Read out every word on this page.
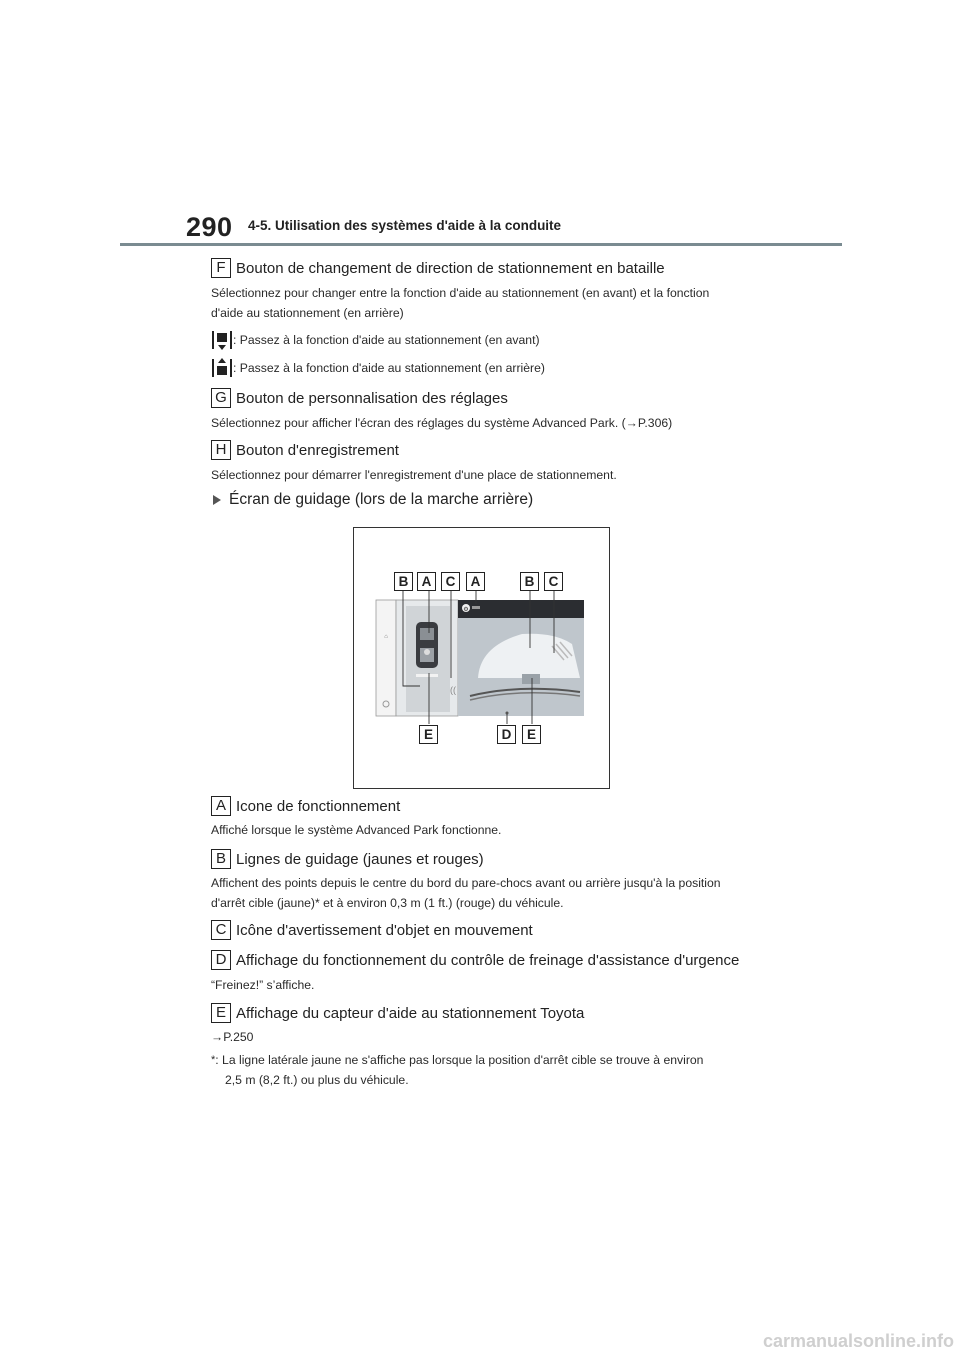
290 4-5. Utilisation des systèmes d'aide à la conduite
F Bouton de changement de direction de stationnement en bataille
Sélectionnez pour changer entre la fonction d'aide au stationnement (en avant) et la fonction
d'aide au stationnement (en arrière)
: Passez à la fonction d'aide au stationnement (en avant)
: Passez à la fonction d'aide au stationnement (en arrière)
G Bouton de personnalisation des réglages
Sélectionnez pour afficher l'écran des réglages du système Advanced Park. (→P.306)
H Bouton d'enregistrement
Sélectionnez pour démarrer l'enregistrement d'une place de stationnement.
Écran de guidage (lors de la marche arrière)
⌂
((
⚙
B A	C	A	B	C
E	D	E
A Icone de fonctionnement
Affiché lorsque le système Advanced Park fonctionne.
B Lignes de guidage (jaunes et rouges)
Affichent des points depuis le centre du bord du pare-chocs avant ou arrière jusqu'à la position
d'arrêt cible (jaune)* et à environ 0,3 m (1 ft.) (rouge) du véhicule.
C Icône d'avertissement d'objet en mouvement
D Affichage du fonctionnement du contrôle de freinage d'assistance d'urgence
“Freinez!” s’affiche.
E Affichage du capteur d'aide au stationnement Toyota
→P.250
* : La ligne latérale jaune ne s'affiche pas lorsque la position d'arrêt cible se trouve à environ
2,5 m (8,2 ft.) ou plus du véhicule.
carmanualsonline.info
